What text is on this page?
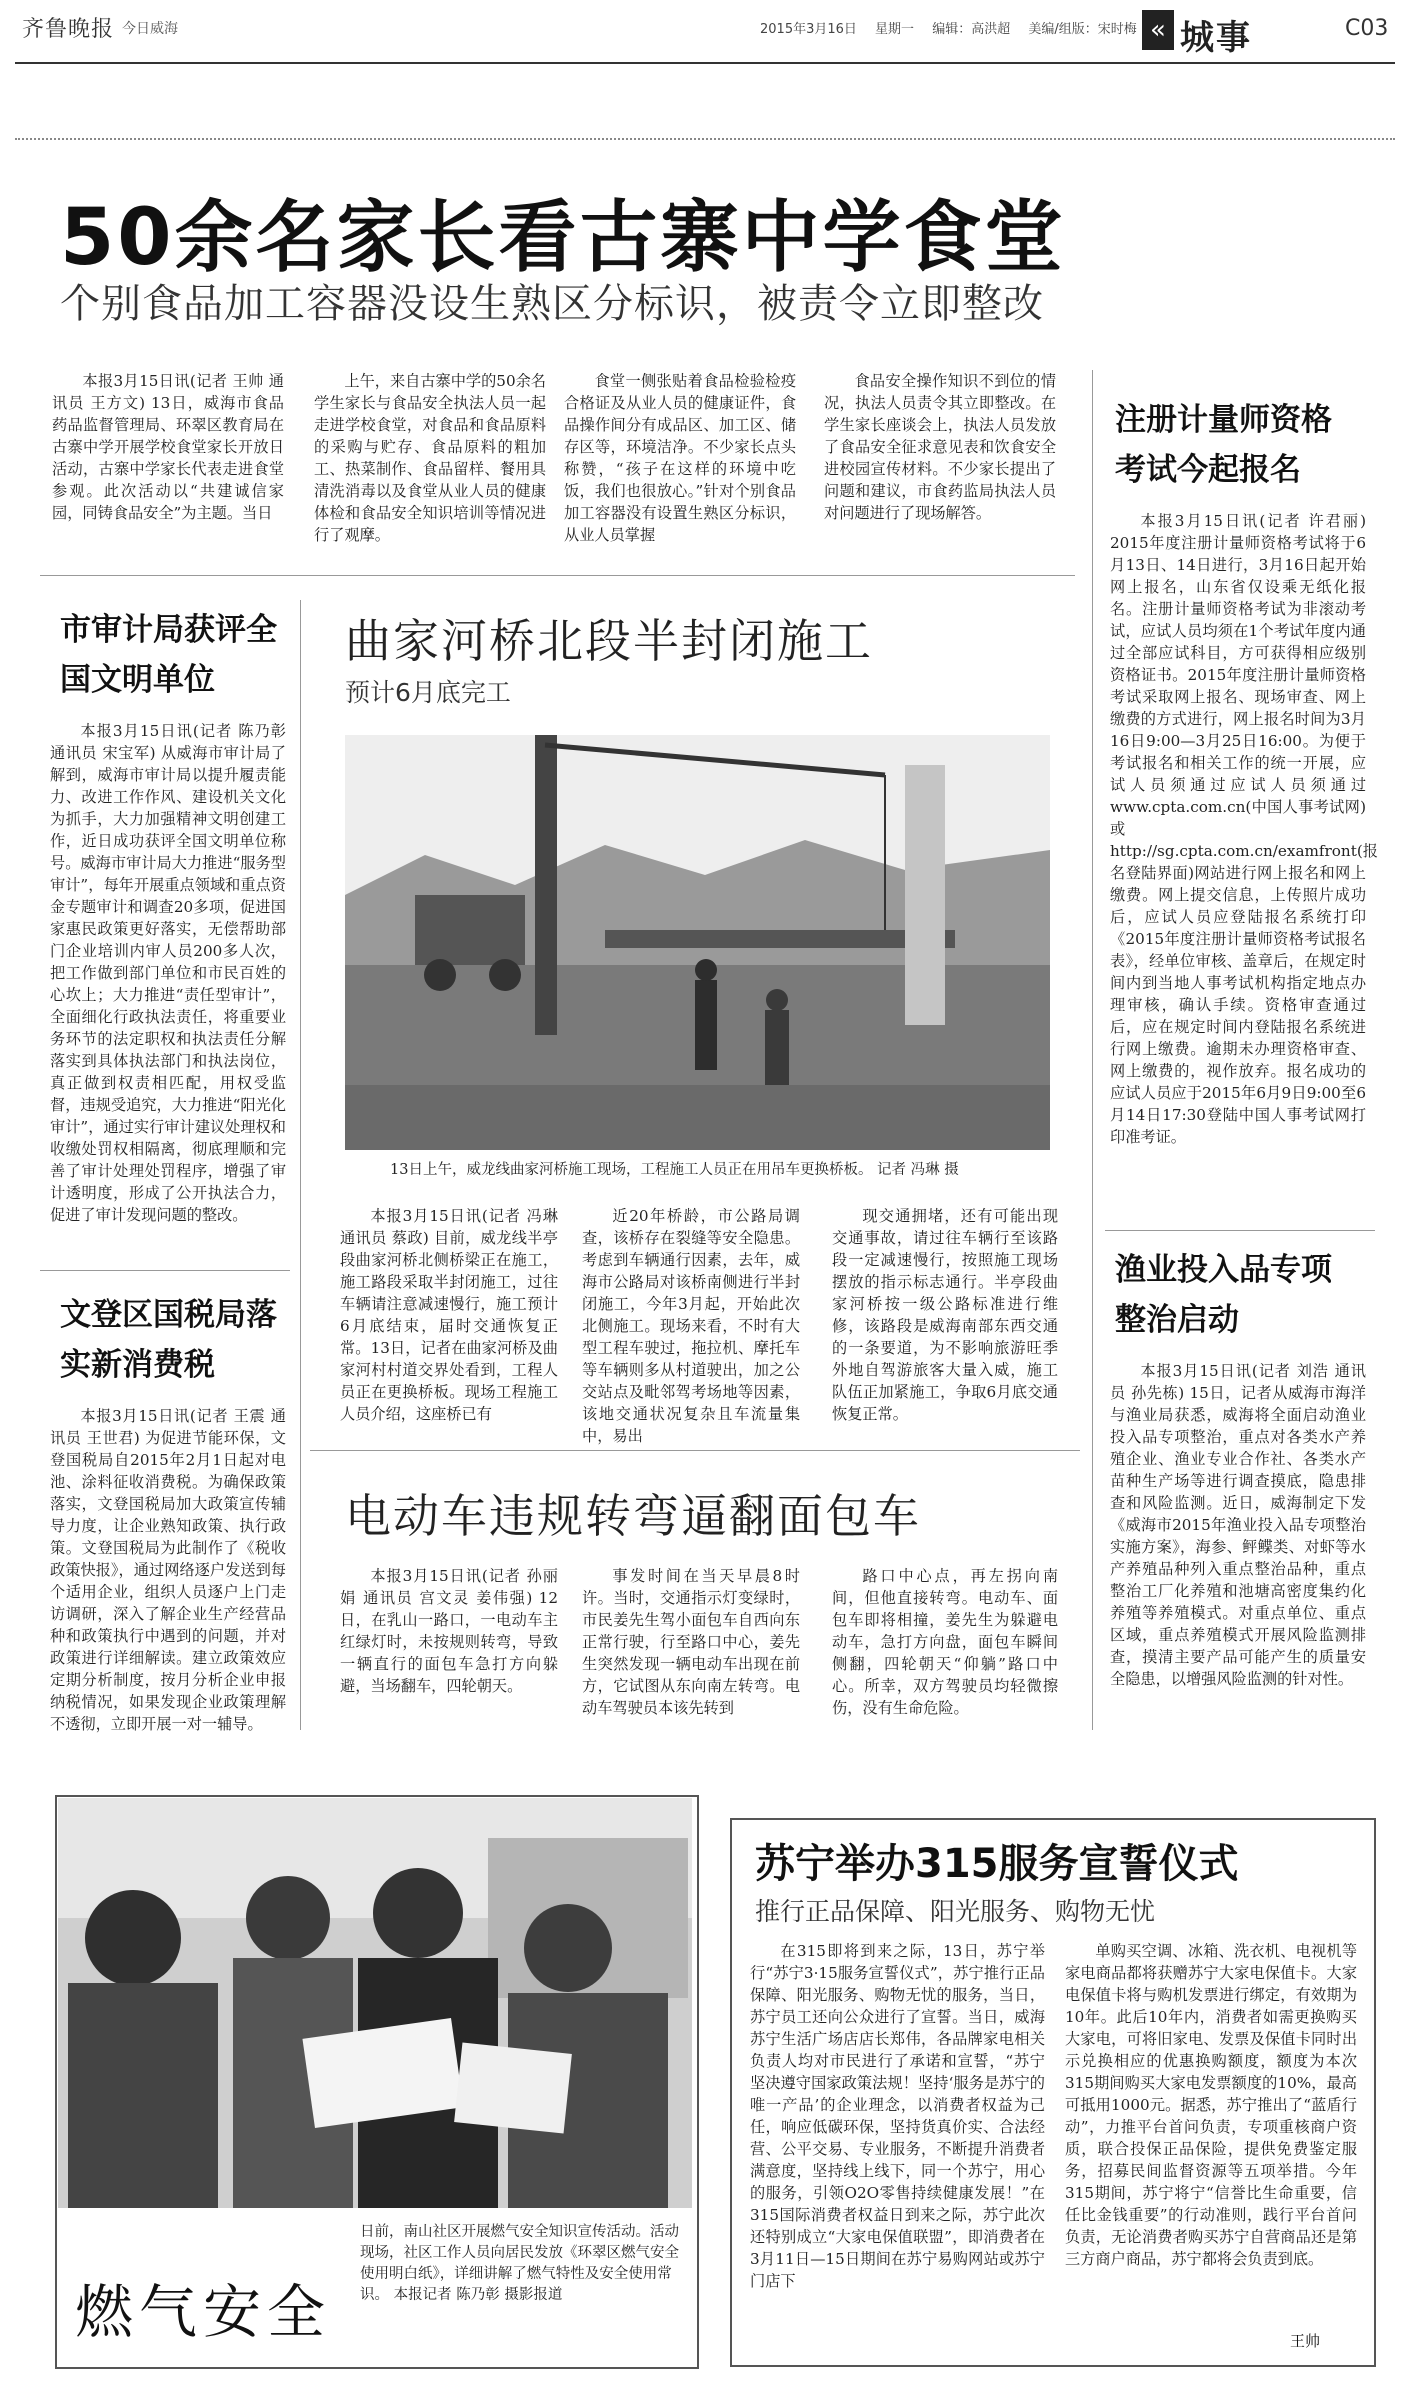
齐鲁晚报 今日威海	2015年3月16日 星期一 编辑：高洪超 美编/组版：宋时梅 « 城事	C03
50余名家长看古寨中学食堂
个别食品加工容器没设生熟区分标识，被责令立即整改

本报3月15日讯(记者 王帅 通讯员 王方文) 13日，威海市食品药品监督管理局、环翠区教育局在古寨中学开展学校食堂家长开放日活动，古寨中学家长代表走进食堂参观。此次活动以“共建诚信家园，同铸食品安全”为主题。当日

上午，来自古寨中学的50余名学生家长与食品安全执法人员一起走进学校食堂，对食品和食品原料的采购与贮存、食品原料的粗加工、热菜制作、食品留样、餐用具清洗消毒以及食堂从业人员的健康体检和食品安全知识培训等情况进行了观摩。

食堂一侧张贴着食品检验检疫合格证及从业人员的健康证件，食品操作间分有成品区、加工区、储存区等，环境洁净。不少家长点头称赞，“孩子在这样的环境中吃饭，我们也很放心。”针对个别食品加工容器没有设置生熟区分标识，从业人员掌握

食品安全操作知识不到位的情况，执法人员责令其立即整改。在学生家长座谈会上，执法人员发放了食品安全征求意见表和饮食安全进校园宣传材料。不少家长提出了问题和建议，市食药监局执法人员对问题进行了现场解答。

市审计局获评全国文明单位

本报3月15日讯(记者 陈乃彰 通讯员 宋宝军) 从威海市审计局了解到，威海市审计局以提升履责能力、改进工作作风、建设机关文化为抓手，大力加强精神文明创建工作，近日成功获评全国文明单位称号。威海市审计局大力推进“服务型审计”，每年开展重点领域和重点资金专题审计和调查20多项，促进国家惠民政策更好落实，无偿帮助部门企业培训内审人员200多人次，把工作做到部门单位和市民百姓的心坎上；大力推进“责任型审计”，全面细化行政执法责任，将重要业务环节的法定职权和执法责任分解落实到具体执法部门和执法岗位，真正做到权责相匹配，用权受监督，违规受追究，大力推进“阳光化审计”，通过实行审计建议处理权和收缴处罚权相隔离，彻底理顺和完善了审计处理处罚程序，增强了审计透明度，形成了公开执法合力，促进了审计发现问题的整改。

文登区国税局落实新消费税

本报3月15日讯(记者 王震 通讯员 王世君) 为促进节能环保，文登国税局自2015年2月1日起对电池、涂料征收消费税。为确保政策落实，文登国税局加大政策宣传辅导力度，让企业熟知政策、执行政策。文登国税局为此制作了《税收政策快报》，通过网络逐户发送到每个适用企业，组织人员逐户上门走访调研，深入了解企业生产经营品种和政策执行中遇到的问题，并对政策进行详细解读。建立政策效应定期分析制度，按月分析企业申报纳税情况，如果发现企业政策理解不透彻，立即开展一对一辅导。

曲家河桥北段半封闭施工
预计6月底完工
13日上午，威龙线曲家河桥施工现场，工程施工人员正在用吊车更换桥板。 记者 冯琳 摄

本报3月15日讯(记者 冯琳 通讯员 蔡政) 目前，威龙线半亭段曲家河桥北侧桥梁正在施工，施工路段采取半封闭施工，过往车辆请注意减速慢行，施工预计6月底结束，届时交通恢复正常。13日，记者在曲家河桥及曲家河村村道交界处看到，工程人员正在更换桥板。现场工程施工人员介绍，这座桥已有

近20年桥龄，市公路局调查，该桥存在裂缝等安全隐患。考虑到车辆通行因素，去年，威海市公路局对该桥南侧进行半封闭施工，今年3月起，开始此次北侧施工。现场来看，不时有大型工程车驶过，拖拉机、摩托车等车辆则多从村道驶出，加之公交站点及毗邻驾考场地等因素，该地交通状况复杂且车流量集中，易出

现交通拥堵，还有可能出现交通事故，请过往车辆行至该路段一定减速慢行，按照施工现场摆放的指示标志通行。半亭段曲家河桥按一级公路标准进行维修，该路段是威海南部东西交通的一条要道，为不影响旅游旺季外地自驾游旅客大量入威，施工队伍正加紧施工，争取6月底交通恢复正常。

电动车违规转弯逼翻面包车

本报3月15日讯(记者 孙丽娟 通讯员 宫文灵 姜伟强) 12日，在乳山一路口，一电动车主红绿灯时，未按规则转弯，导致一辆直行的面包车急打方向躲避，当场翻车，四轮朝天。

事发时间在当天早晨8时许。当时，交通指示灯变绿时，市民姜先生驾小面包车自西向东正常行驶，行至路口中心，姜先生突然发现一辆电动车出现在前方，它试图从东向南左转弯。电动车驾驶员本该先转到

路口中心点，再左拐向南间，但他直接转弯。电动车、面包车即将相撞，姜先生为躲避电动车，急打方向盘，面包车瞬间侧翻，四轮朝天“仰躺”路口中心。所幸，双方驾驶员均轻微擦伤，没有生命危险。

注册计量师资格考试今起报名

本报3月15日讯(记者 许君丽) 2015年度注册计量师资格考试将于6月13日、14日进行，3月16日起开始网上报名，山东省仅设乘无纸化报名。注册计量师资格考试为非滚动考试，应试人员均须在1个考试年度内通过全部应试科目，方可获得相应级别资格证书。2015年度注册计量师资格考试采取网上报名、现场审查、网上缴费的方式进行，网上报名时间为3月16日9:00—3月25日16:00。为便于考试报名和相关工作的统一开展，应试人员须通过应试人员须通过www.cpta.com.cn(中国人事考试网)或http://sg.cpta.com.cn/examfront(报名登陆界面)网站进行网上报名和网上缴费。网上提交信息，上传照片成功后，应试人员应登陆报名系统打印《2015年度注册计量师资格考试报名表》，经单位审核、盖章后，在规定时间内到当地人事考试机构指定地点办理审核，确认手续。资格审查通过后，应在规定时间内登陆报名系统进行网上缴费。逾期未办理资格审查、网上缴费的，视作放弃。报名成功的应试人员应于2015年6月9日9:00至6月14日17:30登陆中国人事考试网打印准考证。

渔业投入品专项整治启动

本报3月15日讯(记者 刘浩 通讯员 孙先栋) 15日，记者从威海市海洋与渔业局获悉，威海将全面启动渔业投入品专项整治，重点对各类水产养殖企业、渔业专业合作社、各类水产苗种生产场等进行调查摸底，隐患排查和风险监测。近日，威海制定下发《威海市2015年渔业投入品专项整治实施方案》，海参、鲆鲽类、对虾等水产养殖品种列入重点整治品种，重点整治工厂化养殖和池塘高密度集约化养殖等养殖模式。对重点单位、重点区域，重点养殖模式开展风险监测排查，摸清主要产品可能产生的质量安全隐患，以增强风险监测的针对性。

燃气安全
日前，南山社区开展燃气安全知识宣传活动。活动现场，社区工作人员向居民发放《环翠区燃气安全使用明白纸》，详细讲解了燃气特性及安全使用常识。 本报记者 陈乃彰 摄影报道
苏宁举办315服务宣誓仪式
推行正品保障、阳光服务、购物无忧

在315即将到来之际，13日，苏宁举行“苏宁3·15服务宣誓仪式”，苏宁推行正品保障、阳光服务、购物无忧的服务，当日，苏宁员工还向公众进行了宣誓。当日，威海苏宁生活广场店店长郑伟，各品牌家电相关负责人均对市民进行了承诺和宣誓，“苏宁坚决遵守国家政策法规！坚持‘服务是苏宁的唯一产品’的企业理念，以消费者权益为己任，响应低碳环保，坚持货真价实、合法经营、公平交易、专业服务，不断提升消费者满意度，坚持线上线下，同一个苏宁，用心的服务，引领O2O零售持续健康发展！”在315国际消费者权益日到来之际，苏宁此次还特别成立“大家电保值联盟”，即消费者在3月11日—15日期间在苏宁易购网站或苏宁门店下

单购买空调、冰箱、洗衣机、电视机等家电商品都将获赠苏宁大家电保值卡。大家电保值卡将与购机发票进行绑定，有效期为10年。此后10年内，消费者如需更换购买大家电，可将旧家电、发票及保值卡同时出示兑换相应的优惠换购额度，额度为本次315期间购买大家电发票额度的10%，最高可抵用1000元。据悉，苏宁推出了“蓝盾行动”，力推平台首问负责，专项重核商户资质，联合投保正品保险，提供免费鉴定服务，招募民间监督资源等五项举措。今年315期间，苏宁将宁“信誉比生命重要，信任比金钱重要”的行动准则，践行平台首问负责，无论消费者购买苏宁自营商品还是第三方商户商品，苏宁都将会负责到底。

王帅
